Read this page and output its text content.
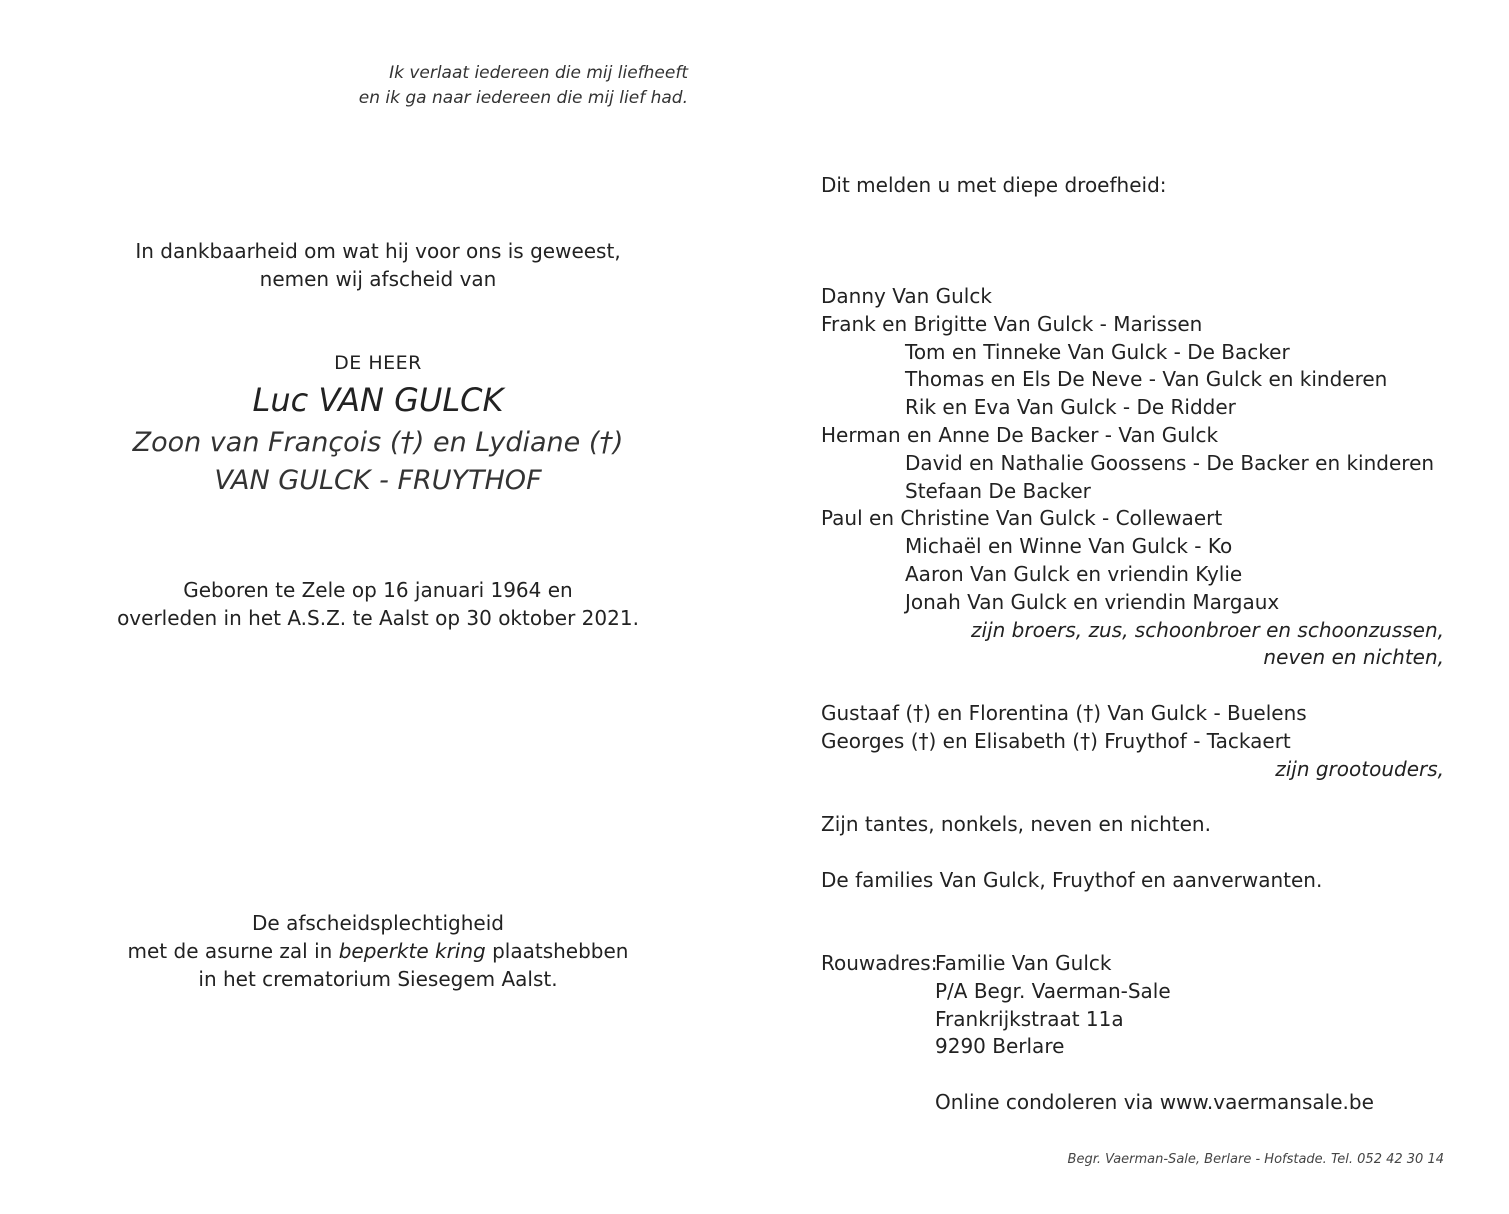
Ik verlaat iedereen die mij liefheeft
en ik ga naar iedereen die mij lief had.
In dankbaarheid om wat hij voor ons is geweest,
nemen wij afscheid van
DE HEER
Luc VAN GULCK
Zoon van François (†) en Lydiane (†)
VAN GULCK - FRUYTHOF
Geboren te Zele op 16 januari 1964 en
overleden in het A.S.Z. te Aalst op 30 oktober 2021.
De afscheidsplechtigheid
met de asurne zal in beperkte kring plaatshebben
in het crematorium Siesegem Aalst.
Dit melden u met diepe droefheid:
Danny Van Gulck
Frank en Brigitte Van Gulck - Marissen
Tom en Tinneke Van Gulck - De Backer
Thomas en Els De Neve - Van Gulck en kinderen
Rik en Eva Van Gulck - De Ridder
Herman en Anne De Backer - Van Gulck
David en Nathalie Goossens - De Backer en kinderen
Stefaan De Backer
Paul en Christine Van Gulck - Collewaert
Michaël en Winne Van Gulck - Ko
Aaron Van Gulck en vriendin Kylie
Jonah Van Gulck en vriendin Margaux
zijn broers, zus, schoonbroer en schoonzussen,
neven en nichten,
Gustaaf (†) en Florentina (†) Van Gulck - Buelens
Georges (†) en Elisabeth (†) Fruythof - Tackaert
zijn grootouders,
Zijn tantes, nonkels, neven en nichten.
De families Van Gulck, Fruythof en aanverwanten.
Rouwadres:
Familie Van Gulck
P/A Begr. Vaerman-Sale
Frankrijkstraat 11a
9290 Berlare
Online condoleren via www.vaermansale.be
Begr. Vaerman-Sale, Berlare - Hofstade. Tel. 052 42 30 14
